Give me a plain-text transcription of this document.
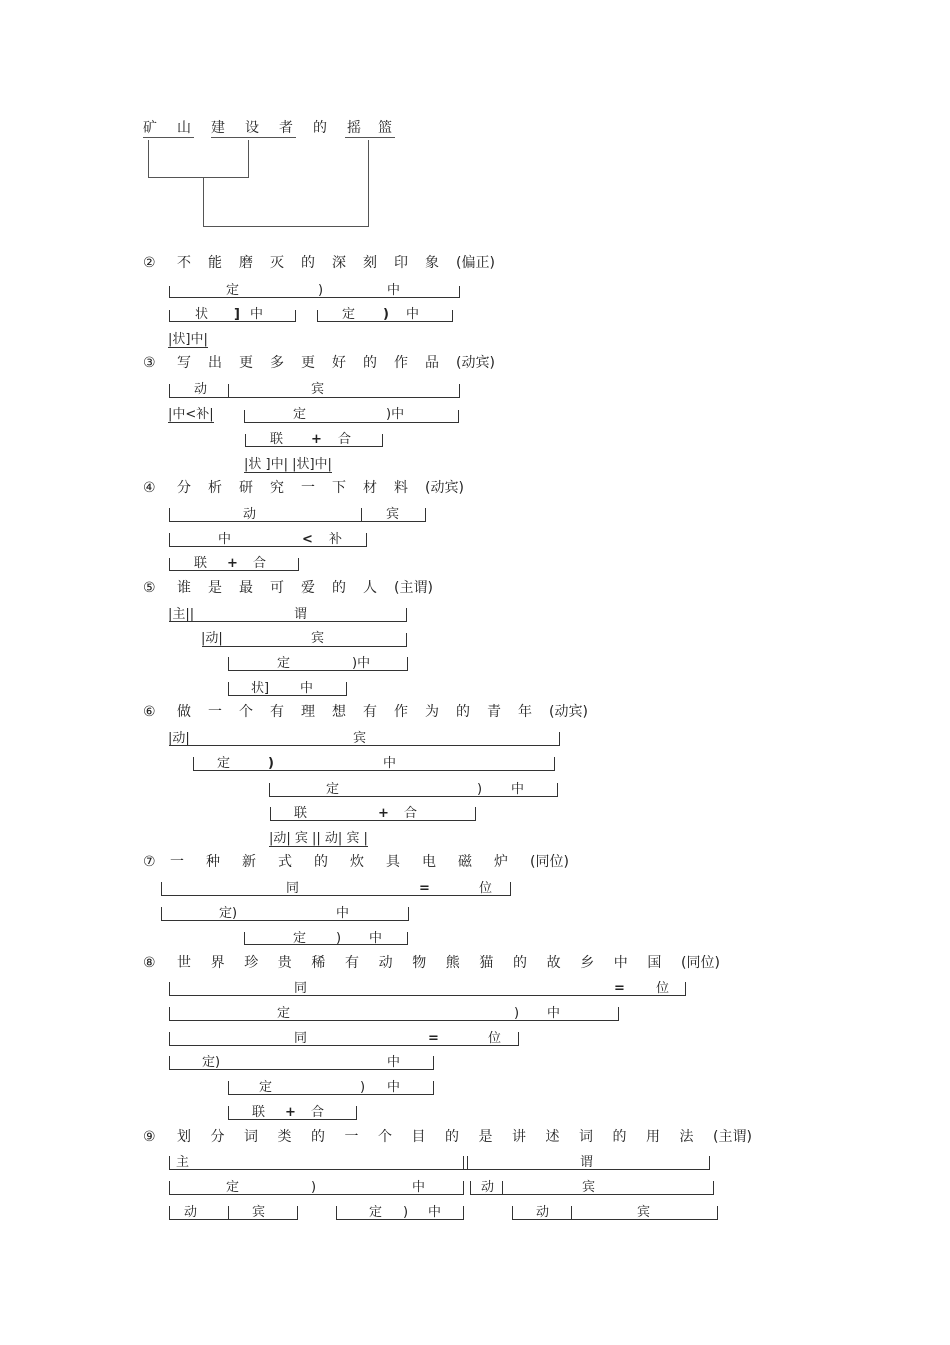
矿 山 建 设 者 的 摇 篮
② 不能磨灭的深刻印象(偏正)
定	)	中
状 ] 中	定 ) 中
|状]中|
③ 写出更多更好的作品(动宾)
动	宾
|中<补|	定	)中
联 + 合
|状 ]中| |状]中|
④ 分析研究一下材料(动宾)
动	宾
中	< 补
联 + 合
⑤ 谁是最可爱的人(主谓)
|主||	谓
|动|	宾
定	)中
状] 中
⑥ 做一个有理想有作为的青年(动宾)
|动|	宾
定	)	中
定	) 中
联	+ 合
|动| 宾 || 动| 宾 |
⑦ 一种新式的炊具电磁炉(同位)
同	=	位
定)	中
定 ) 中
⑧ 世界珍贵稀有动物熊猫的故乡中国(同位)
同	= 位
定	) 中
同	=	位
定)	中
定	) 中
联 + 合
⑨ 划分词类的一个目的是讲述词的用法(主谓)
主	谓
定	)	中	动	宾
动	宾	定 ) 中	动	宾
